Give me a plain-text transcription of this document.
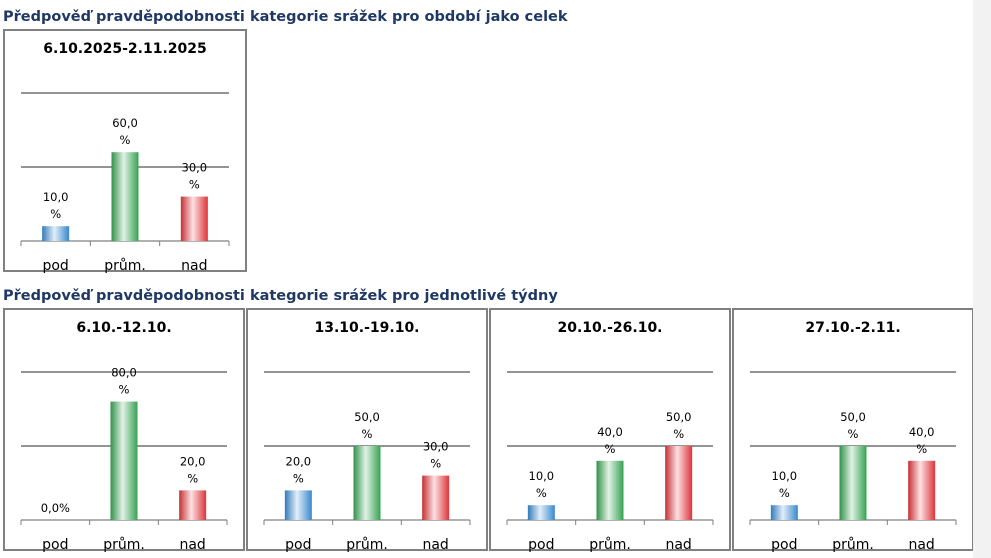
Předpověď pravděpodobnosti kategorie srážek pro období jako celek
6.10.2025-2.11.2025
10,0
%
pod
60,0
%
prům.
30,0
%
nad
Předpověď pravděpodobnosti kategorie srážek pro jednotlivé týdny
6.10.-12.10.
0,0%
pod
80,0
%
prům.
20,0
%
nad
13.10.-19.10.
20,0
%
pod
50,0
%
prům.
30,0
%
nad
20.10.-26.10.
10,0
%
pod
40,0
%
prům.
50,0
%
nad
27.10.-2.11.
10,0
%
pod
50,0
%
prům.
40,0
%
nad
